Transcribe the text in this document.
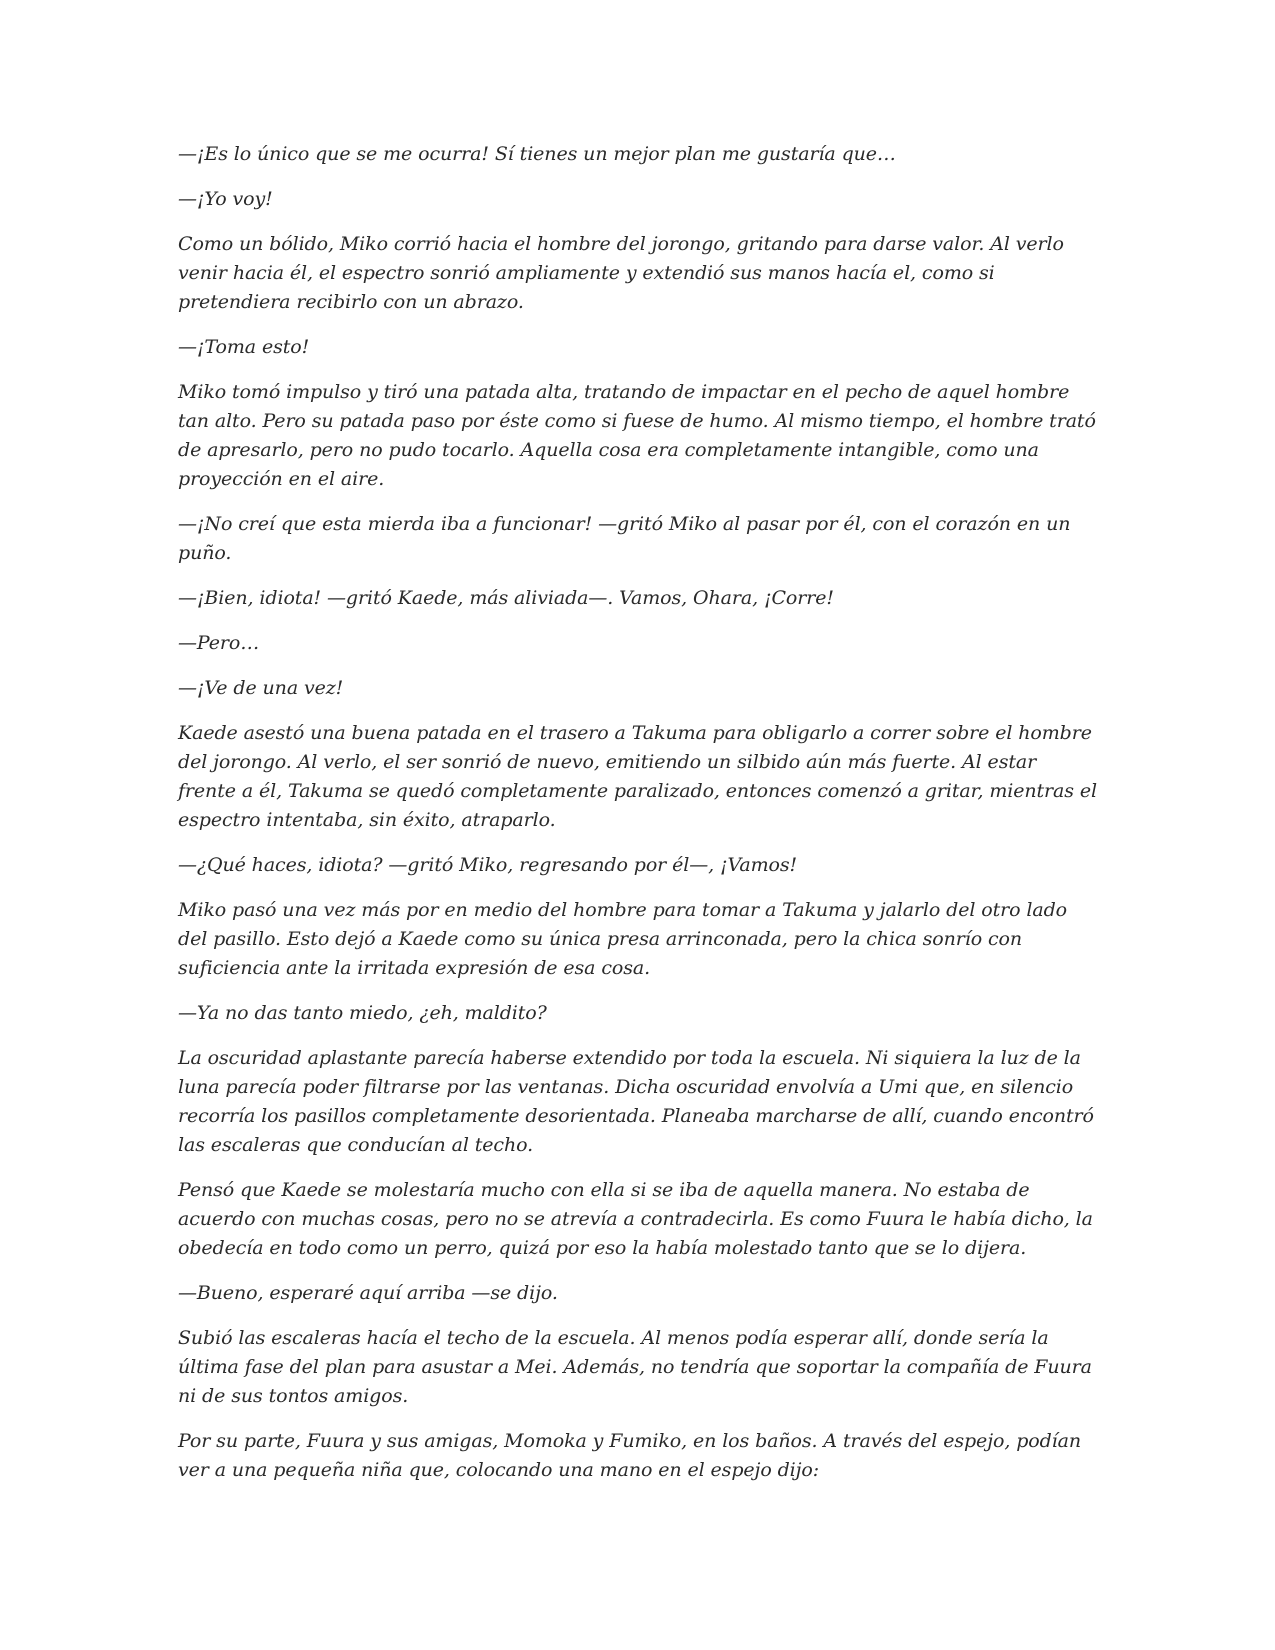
—¡Es lo único que se me ocurra! Sí tienes un mejor plan me gustaría que…

—¡Yo voy!

Como un bólido, Miko corrió hacia el hombre del jorongo, gritando para darse valor. Al verlo venir hacia él, el espectro sonrió ampliamente y extendió sus manos hacía el, como si pretendiera recibirlo con un abrazo.

—¡Toma esto!

Miko tomó impulso y tiró una patada alta, tratando de impactar en el pecho de aquel hombre tan alto. Pero su patada paso por éste como si fuese de humo. Al mismo tiempo, el hombre trató de apresarlo, pero no pudo tocarlo. Aquella cosa era completamente intangible, como una proyección en el aire.

—¡No creí que esta mierda iba a funcionar! —gritó Miko al pasar por él, con el corazón en un puño.

—¡Bien, idiota! —gritó Kaede, más aliviada—. Vamos, Ohara, ¡Corre!

—Pero…

—¡Ve de una vez!

Kaede asestó una buena patada en el trasero a Takuma para obligarlo a correr sobre el hombre del jorongo. Al verlo, el ser sonrió de nuevo, emitiendo un silbido aún más fuerte. Al estar frente a él, Takuma se quedó completamente paralizado, entonces comenzó a gritar, mientras el espectro intentaba, sin éxito, atraparlo.

—¿Qué haces, idiota? —gritó Miko, regresando por él—, ¡Vamos!

Miko pasó una vez más por en medio del hombre para tomar a Takuma y jalarlo del otro lado del pasillo. Esto dejó a Kaede como su única presa arrinconada, pero la chica sonrío con suficiencia ante la irritada expresión de esa cosa.

—Ya no das tanto miedo, ¿eh, maldito?

La oscuridad aplastante parecía haberse extendido por toda la escuela. Ni siquiera la luz de la luna parecía poder filtrarse por las ventanas. Dicha oscuridad envolvía a Umi que, en silencio recorría los pasillos completamente desorientada. Planeaba marcharse de allí, cuando encontró las escaleras que conducían al techo.

Pensó que Kaede se molestaría mucho con ella si se iba de aquella manera. No estaba de acuerdo con muchas cosas, pero no se atrevía a contradecirla. Es como Fuura le había dicho, la obedecía en todo como un perro, quizá por eso la había molestado tanto que se lo dijera.

—Bueno, esperaré aquí arriba —se dijo.

Subió las escaleras hacía el techo de la escuela. Al menos podía esperar allí, donde sería la última fase del plan para asustar a Mei. Además, no tendría que soportar la compañía de Fuura ni de sus tontos amigos.

Por su parte, Fuura y sus amigas, Momoka y Fumiko, en los baños. A través del espejo, podían ver a una pequeña niña que, colocando una mano en el espejo dijo:
